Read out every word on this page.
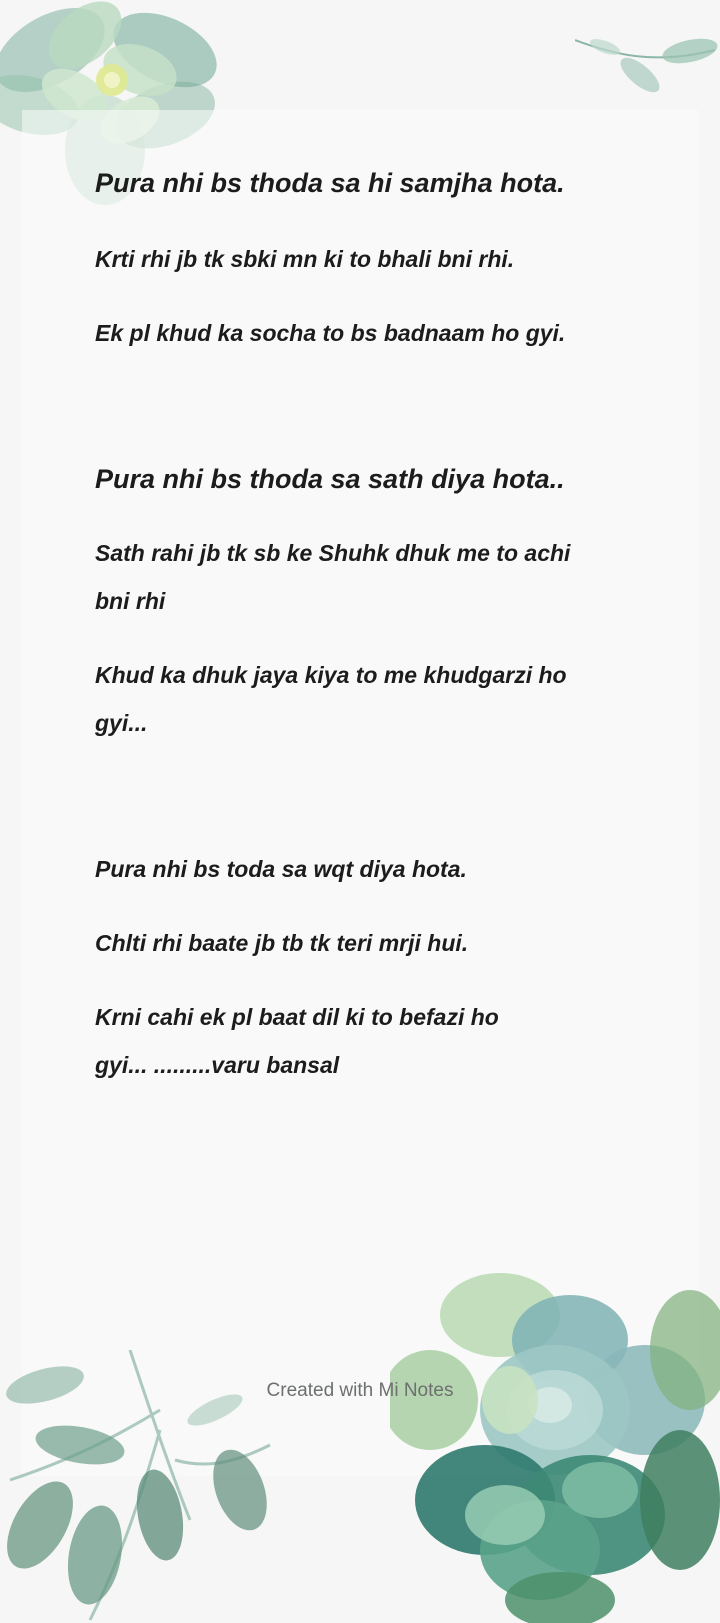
Pura nhi bs thoda sa hi samjha hota.
Krti rhi jb tk sbki mn ki to bhali bni rhi.
Ek pl khud ka socha to bs badnaam ho gyi.
Pura nhi bs thoda sa sath diya hota..
Sath rahi jb tk sb ke Shuhk dhuk me to achi
bni rhi
Khud ka dhuk jaya kiya to me khudgarzi ho
gyi...
Pura nhi bs toda sa wqt diya hota.
Chlti rhi baate jb tb tk teri mrji hui.
Krni cahi ek pl baat dil ki to befazi ho
gyi... .........varu bansal
Created with Mi Notes
